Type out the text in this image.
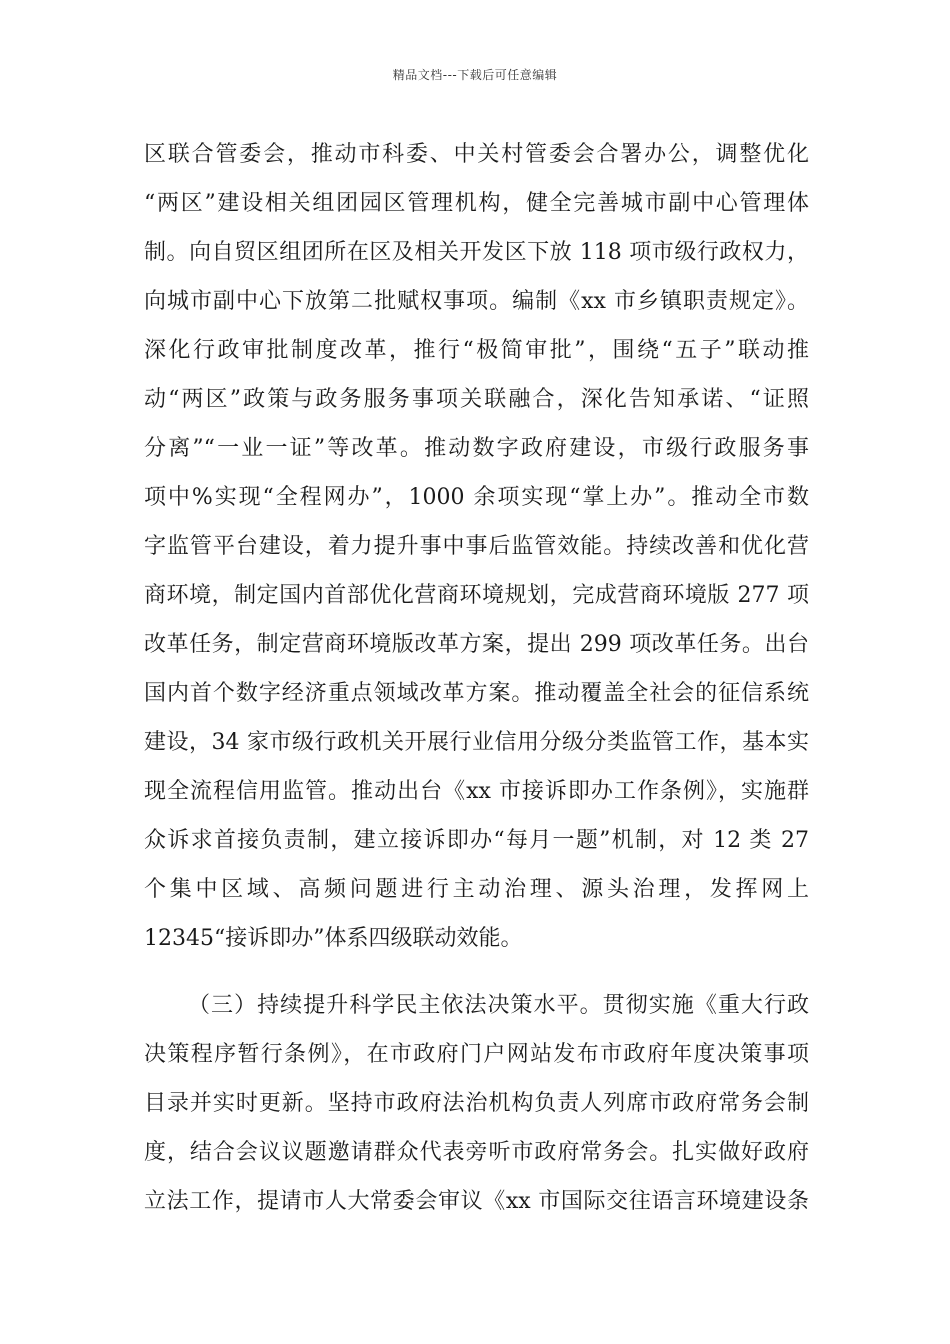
精品文档---下载后可任意编辑
区联合管委会，推动市科委、中关村管委会合署办公，调整优化
“两区”建设相关组团园区管理机构，健全完善城市副中心管理体
制。向自贸区组团所在区及相关开发区下放 118 项市级行政权力，
向城市副中心下放第二批赋权事项。编制《xx 市乡镇职责规定》。
深化行政审批制度改革，推行“极简审批”，围绕“五子”联动推
动“两区”政策与政务服务事项关联融合，深化告知承诺、“证照
分离”“一业一证”等改革。推动数字政府建设，市级行政服务事
项中%实现“全程网办”，1000 余项实现“掌上办”。推动全市数
字监管平台建设，着力提升事中事后监管效能。持续改善和优化营
商环境，制定国内首部优化营商环境规划，完成营商环境版 277 项
改革任务，制定营商环境版改革方案，提出 299 项改革任务。出台
国内首个数字经济重点领域改革方案。推动覆盖全社会的征信系统
建设，34 家市级行政机关开展行业信用分级分类监管工作，基本实
现全流程信用监管。推动出台《xx 市接诉即办工作条例》，实施群
众诉求首接负责制，建立接诉即办“每月一题”机制，对 12 类 27
个集中区域、高频问题进行主动治理、源头治理，发挥网上
12345“接诉即办”体系四级联动效能。
（三）持续提升科学民主依法决策水平。贯彻实施《重大行政
决策程序暂行条例》，在市政府门户网站发布市政府年度决策事项
目录并实时更新。坚持市政府法治机构负责人列席市政府常务会制
度，结合会议议题邀请群众代表旁听市政府常务会。扎实做好政府
立法工作，提请市人大常委会审议《xx 市国际交往语言环境建设条
